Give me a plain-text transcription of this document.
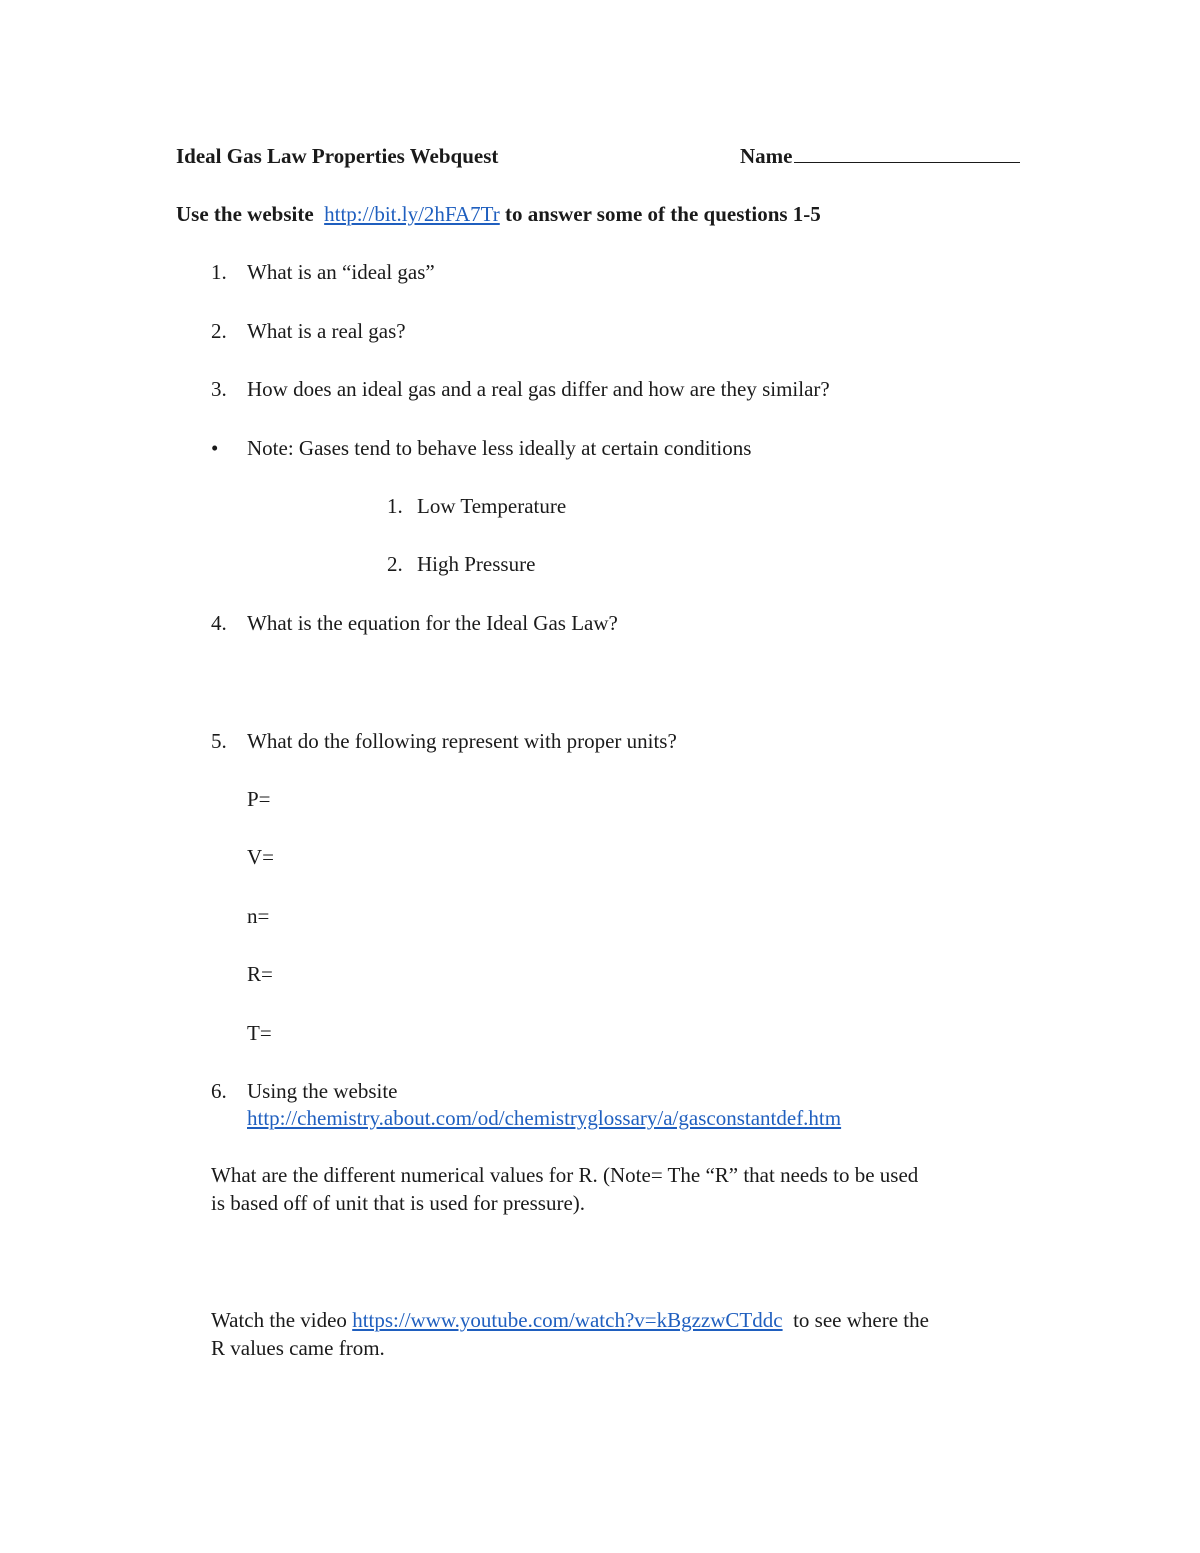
Ideal Gas Law Properties Webquest	Name
Use the website http://bit.ly/2hFA7Tr to answer some of the questions 1-5
1. What is an “ideal gas”
2. What is a real gas?
3. How does an ideal gas and a real gas differ and how are they similar?
• Note: Gases tend to behave less ideally at certain conditions
1. Low Temperature
2. High Pressure
4. What is the equation for the Ideal Gas Law?
5. What do the following represent with proper units?
P=
V=
n=
R=
T=
6. Using the website
http://chemistry.about.com/od/chemistryglossary/a/gasconstantdef.htm
What are the different numerical values for R. (Note= The “R” that needs to be used
is based off of unit that is used for pressure).
Watch the video https://www.youtube.com/watch?v=kBgzzwCTddc to see where the
R values came from.
